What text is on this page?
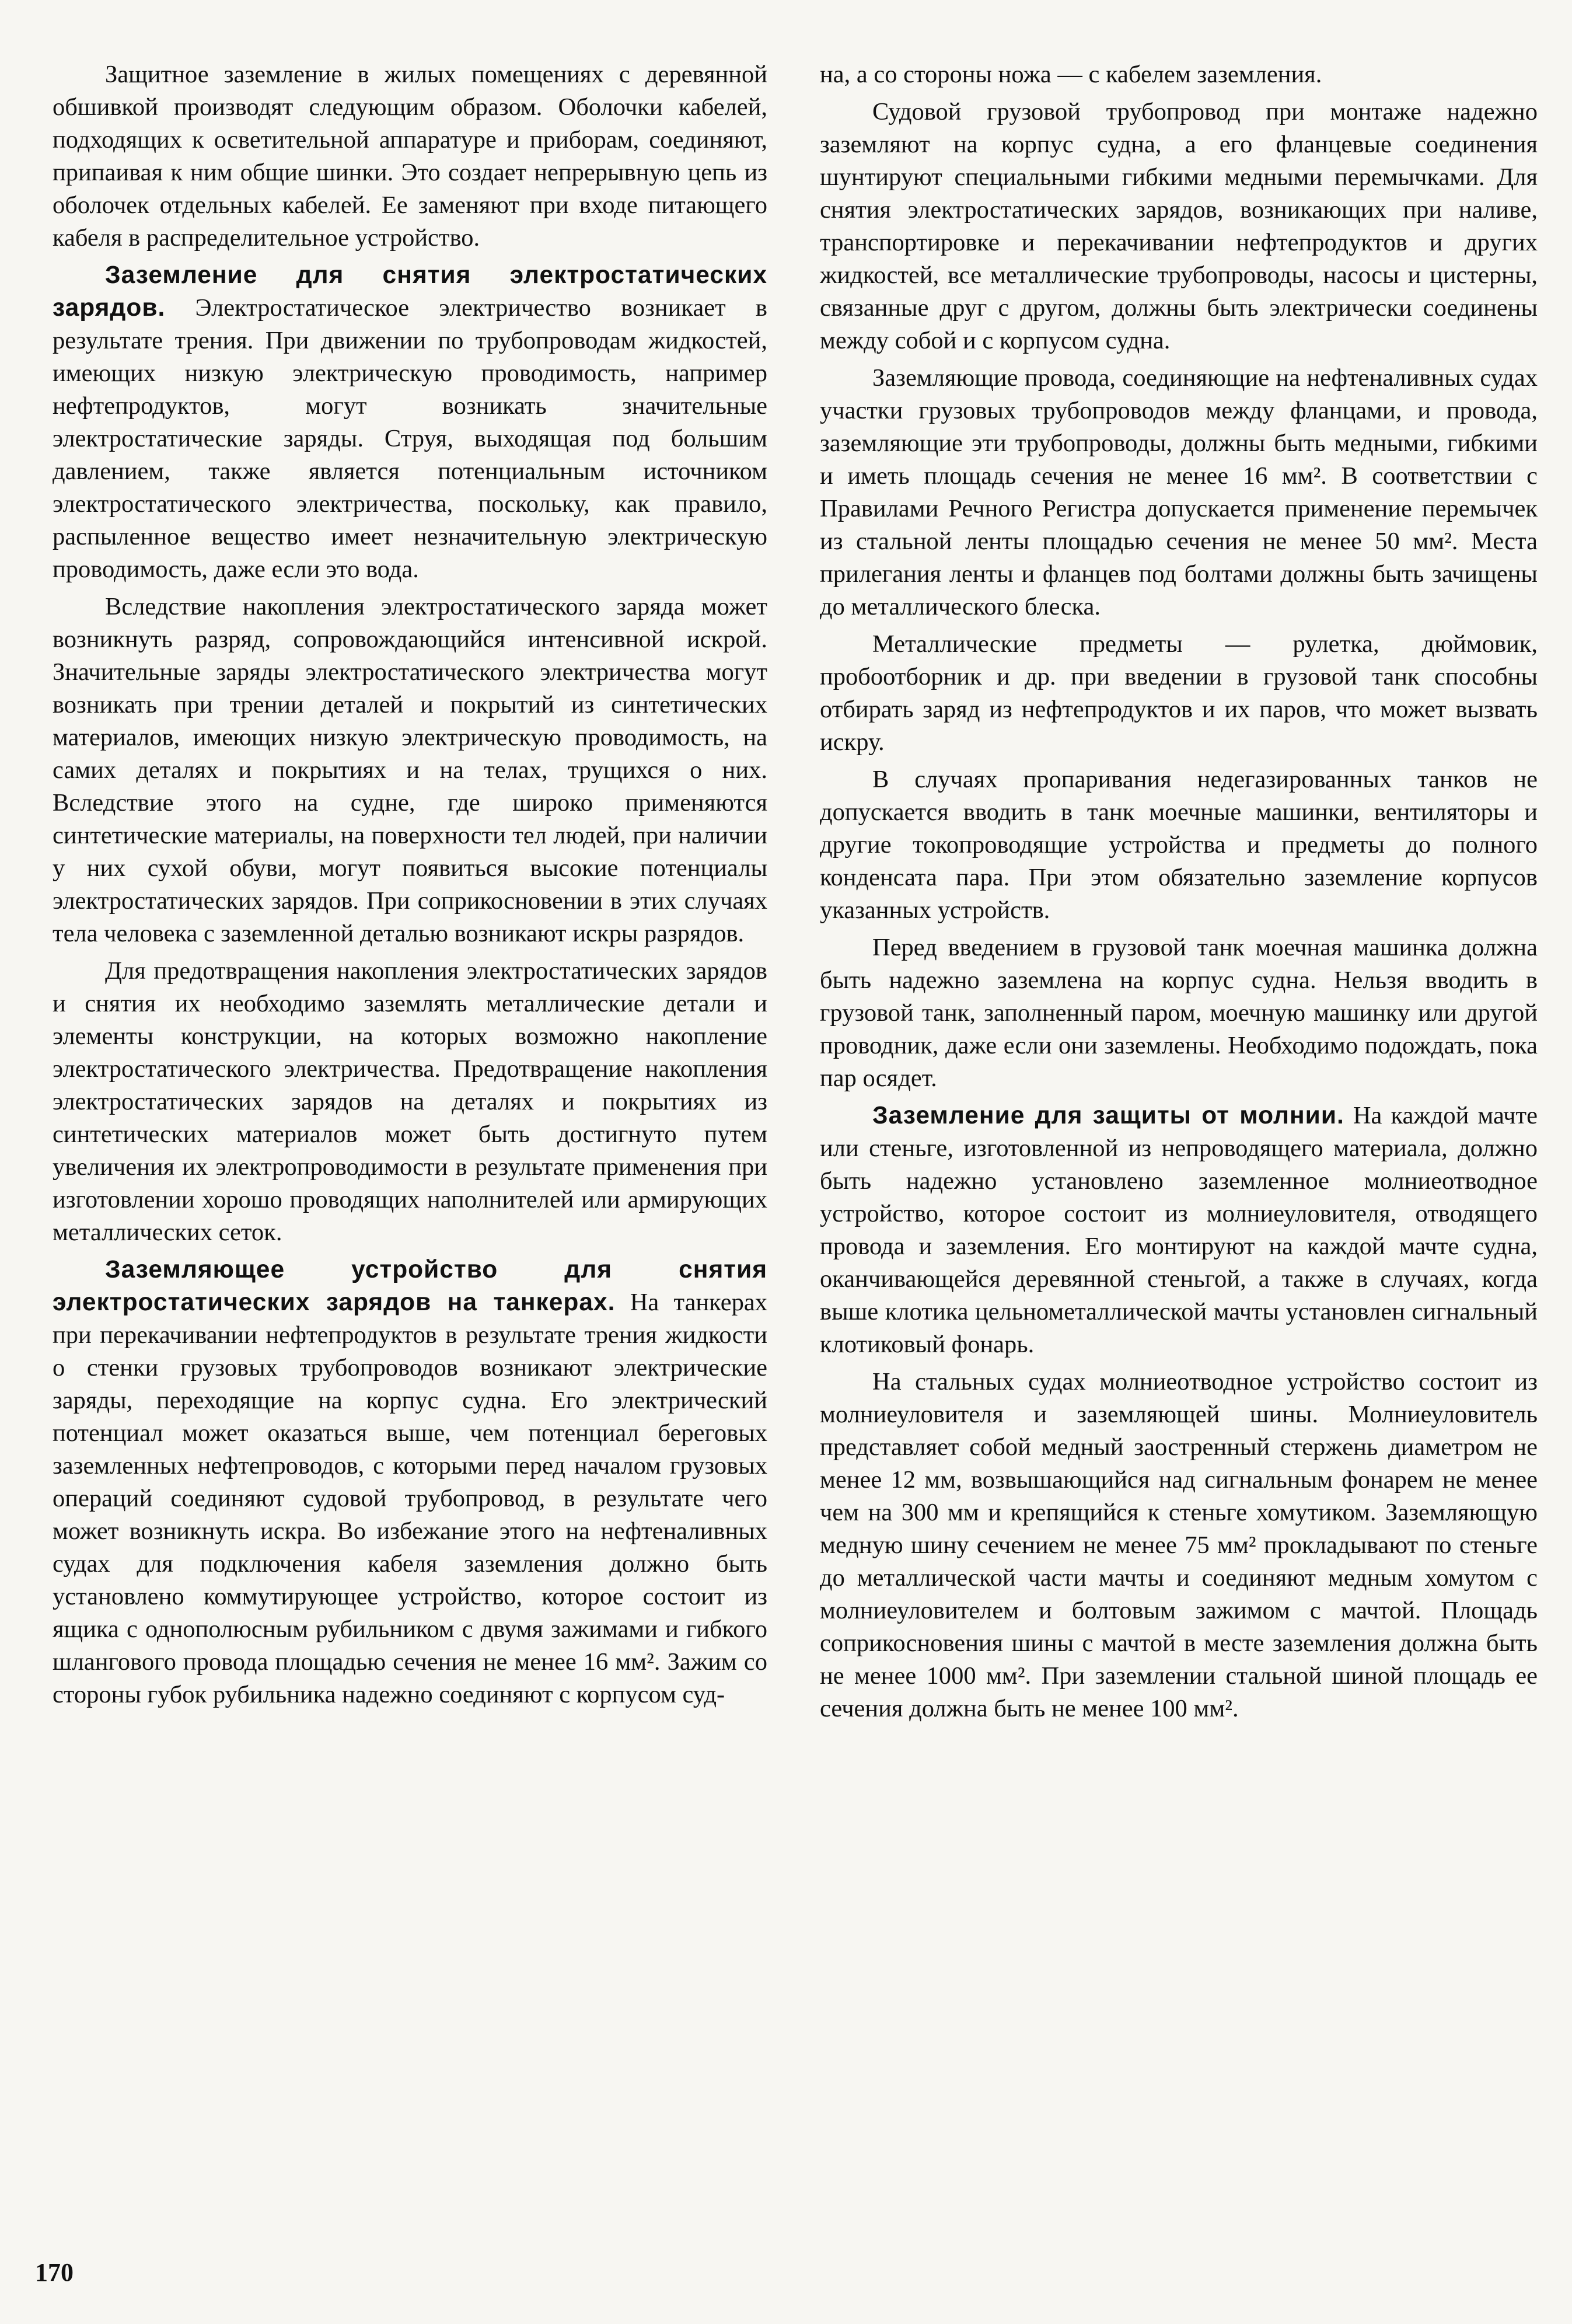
Защитное заземление в жилых помещениях с деревянной обшивкой производят следующим образом. Оболочки кабелей, подходящих к осветительной аппаратуре и приборам, соединяют, припаивая к ним общие шинки. Это создает непрерывную цепь из оболочек отдельных кабелей. Ее заменяют при входе питающего кабеля в распределительное устройство.

Заземление для снятия электростатических зарядов. Электростатическое электричество возникает в результате трения. При движении по трубопроводам жидкостей, имеющих низкую электрическую проводимость, например нефтепродуктов, могут возникать значительные электростатические заряды. Струя, выходящая под большим давлением, также является потенциальным источником электростатического электричества, поскольку, как правило, распыленное вещество имеет незначительную электрическую проводимость, даже если это вода.

Вследствие накопления электростатического заряда может возникнуть разряд, сопровождающийся интенсивной искрой. Значительные заряды электростатического электричества могут возникать при трении деталей и покрытий из синтетических материалов, имеющих низкую электрическую проводимость, на самих деталях и покрытиях и на телах, трущихся о них. Вследствие этого на судне, где широко применяются синтетические материалы, на поверхности тел людей, при наличии у них сухой обуви, могут появиться высокие потенциалы электростатических зарядов. При соприкосновении в этих случаях тела человека с заземленной деталью возникают искры разрядов.

Для предотвращения накопления электростатических зарядов и снятия их необходимо заземлять металлические детали и элементы конструкции, на которых возможно накопление электростатического электричества. Предотвращение накопления электростатических зарядов на деталях и покрытиях из синтетических материалов может быть достигнуто путем увеличения их электропроводимости в результате применения при изготовлении хорошо проводящих наполнителей или армирующих металлических сеток.

Заземляющее устройство для снятия электростатических зарядов на танкерах. На танкерах при перекачивании нефтепродуктов в результате трения жидкости о стенки грузовых трубопроводов возникают электрические заряды, переходящие на корпус судна. Его электрический потенциал может оказаться выше, чем потенциал береговых заземленных нефтепроводов, с которыми перед началом грузовых операций соединяют судовой трубопровод, в результате чего может возникнуть искра. Во избежание этого на нефтеналивных судах для подключения кабеля заземления должно быть установлено коммутирующее устройство, которое состоит из ящика с однополюсным рубильником с двумя зажимами и гибкого шлангового провода площадью сечения не менее 16 мм². Зажим со стороны губок рубильника надежно соединяют с корпусом суд-

на, а со стороны ножа — с кабелем заземления.

Судовой грузовой трубопровод при монтаже надежно заземляют на корпус судна, а его фланцевые соединения шунтируют специальными гибкими медными перемычками. Для снятия электростатических зарядов, возникающих при наливе, транспортировке и перекачивании нефтепродуктов и других жидкостей, все металлические трубопроводы, насосы и цистерны, связанные друг с другом, должны быть электрически соединены между собой и с корпусом судна.

Заземляющие провода, соединяющие на нефтеналивных судах участки грузовых трубопроводов между фланцами, и провода, заземляющие эти трубопроводы, должны быть медными, гибкими и иметь площадь сечения не менее 16 мм². В соответствии с Правилами Речного Регистра допускается применение перемычек из стальной ленты площадью сечения не менее 50 мм². Места прилегания ленты и фланцев под болтами должны быть зачищены до металлического блеска.

Металлические предметы — рулетка, дюймовик, пробоотборник и др. при введении в грузовой танк способны отбирать заряд из нефтепродуктов и их паров, что может вызвать искру.

В случаях пропаривания недегазированных танков не допускается вводить в танк моечные машинки, вентиляторы и другие токопроводящие устройства и предметы до полного конденсата пара. При этом обязательно заземление корпусов указанных устройств.

Перед введением в грузовой танк моечная машинка должна быть надежно заземлена на корпус судна. Нельзя вводить в грузовой танк, заполненный паром, моечную машинку или другой проводник, даже если они заземлены. Необходимо подождать, пока пар осядет.

Заземление для защиты от молнии. На каждой мачте или стеньге, изготовленной из непроводящего материала, должно быть надежно установлено заземленное молниеотводное устройство, которое состоит из молниеуловителя, отводящего провода и заземления. Его монтируют на каждой мачте судна, оканчивающейся деревянной стеньгой, а также в случаях, когда выше клотика цельнометаллической мачты установлен сигнальный клотиковый фонарь.

На стальных судах молниеотводное устройство состоит из молниеуловителя и заземляющей шины. Молниеуловитель представляет собой медный заостренный стержень диаметром не менее 12 мм, возвышающийся над сигнальным фонарем не менее чем на 300 мм и крепящийся к стеньге хомутиком. Заземляющую медную шину сечением не менее 75 мм² прокладывают по стеньге до металлической части мачты и соединяют медным хомутом с молниеуловителем и болтовым зажимом с мачтой. Площадь соприкосновения шины с мачтой в месте заземления должна быть не менее 1000 мм². При заземлении стальной шиной площадь ее сечения должна быть не менее 100 мм².

170
